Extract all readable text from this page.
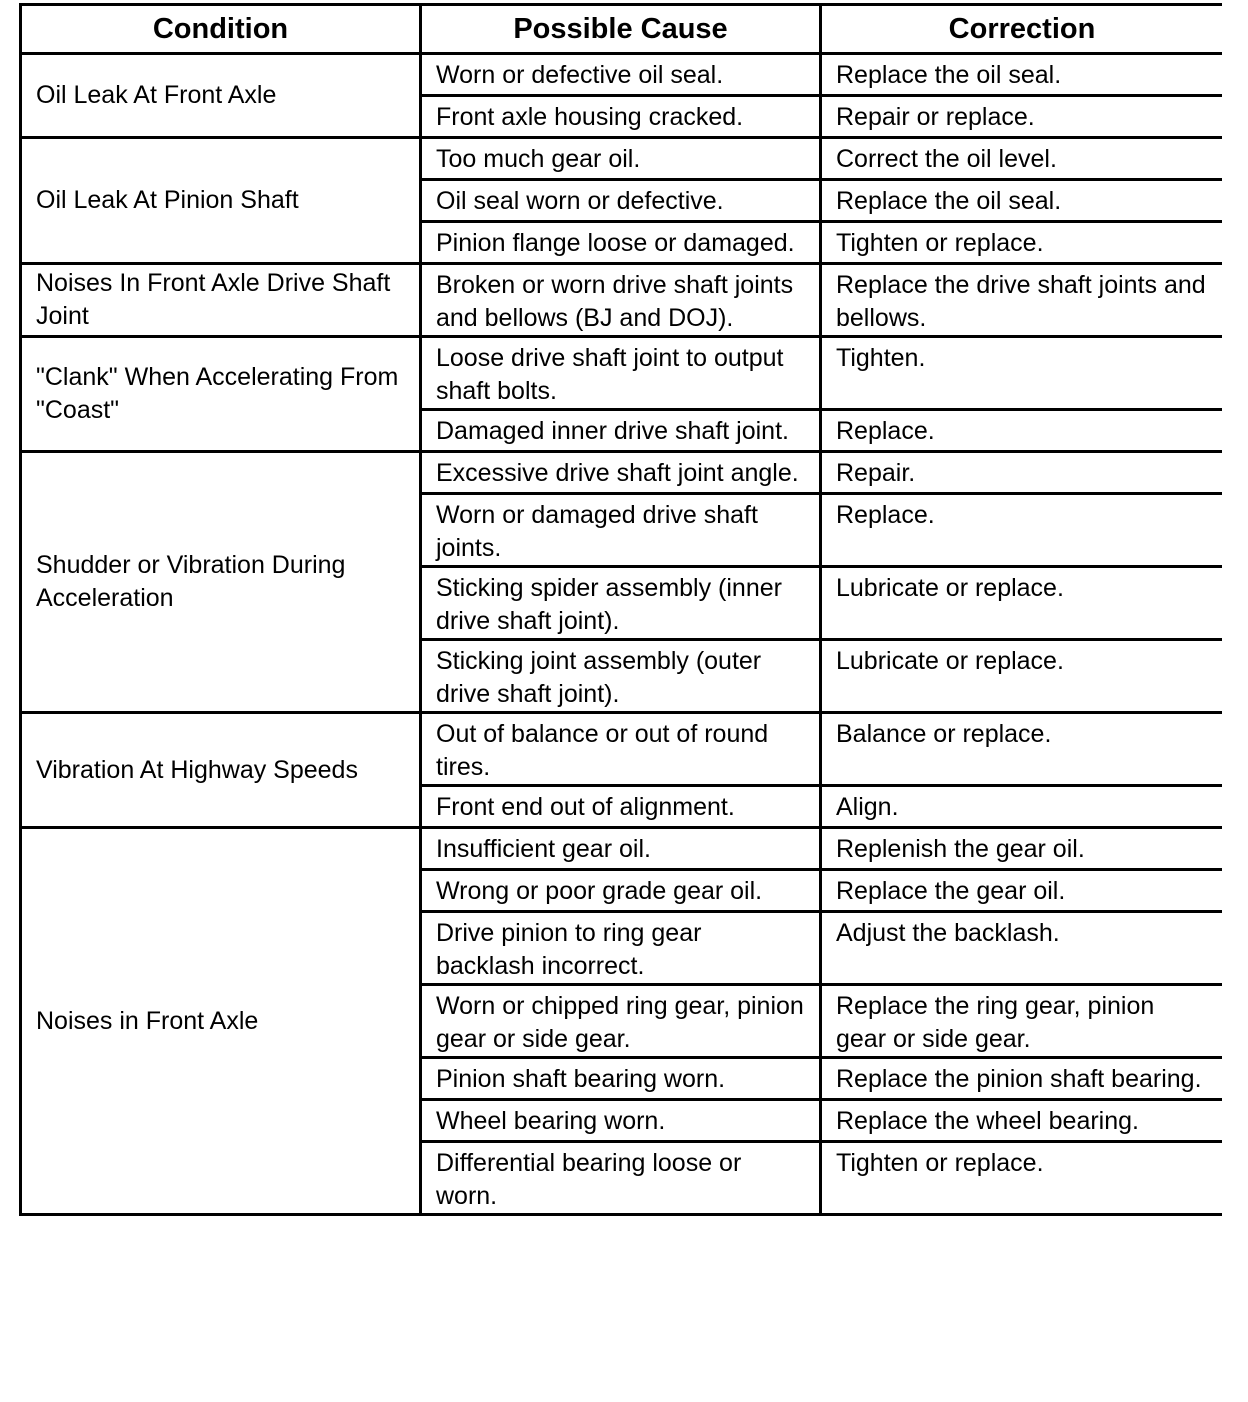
Condition	Possible Cause	Correction
Oil Leak At Front Axle	Worn or defective oil seal.	Replace the oil seal.
	Front axle housing cracked.	Repair or replace.
Oil Leak At Pinion Shaft	Too much gear oil.	Correct the oil level.
	Oil seal worn or defective.	Replace the oil seal.
	Pinion flange loose or damaged.	Tighten or replace.
Noises In Front Axle Drive Shaft Joint	Broken or worn drive shaft joints and bellows (BJ and DOJ).	Replace the drive shaft joints and bellows.
"Clank" When Accelerating From "Coast"	Loose drive shaft joint to output shaft bolts.	Tighten.
	Damaged inner drive shaft joint.	Replace.
Shudder or Vibration During Acceleration	Excessive drive shaft joint angle.	Repair.
	Worn or damaged drive shaft joints.	Replace.
	Sticking spider assembly (inner drive shaft joint).	Lubricate or replace.
	Sticking joint assembly (outer drive shaft joint).	Lubricate or replace.
Vibration At Highway Speeds	Out of balance or out of round tires.	Balance or replace.
	Front end out of alignment.	Align.
Noises in Front Axle	Insufficient gear oil.	Replenish the gear oil.
	Wrong or poor grade gear oil.	Replace the gear oil.
	Drive pinion to ring gear backlash incorrect.	Adjust the backlash.
	Worn or chipped ring gear, pinion gear or side gear.	Replace the ring gear, pinion gear or side gear.
	Pinion shaft bearing worn.	Replace the pinion shaft bearing.
	Wheel bearing worn.	Replace the wheel bearing.
	Differential bearing loose or worn.	Tighten or replace.
